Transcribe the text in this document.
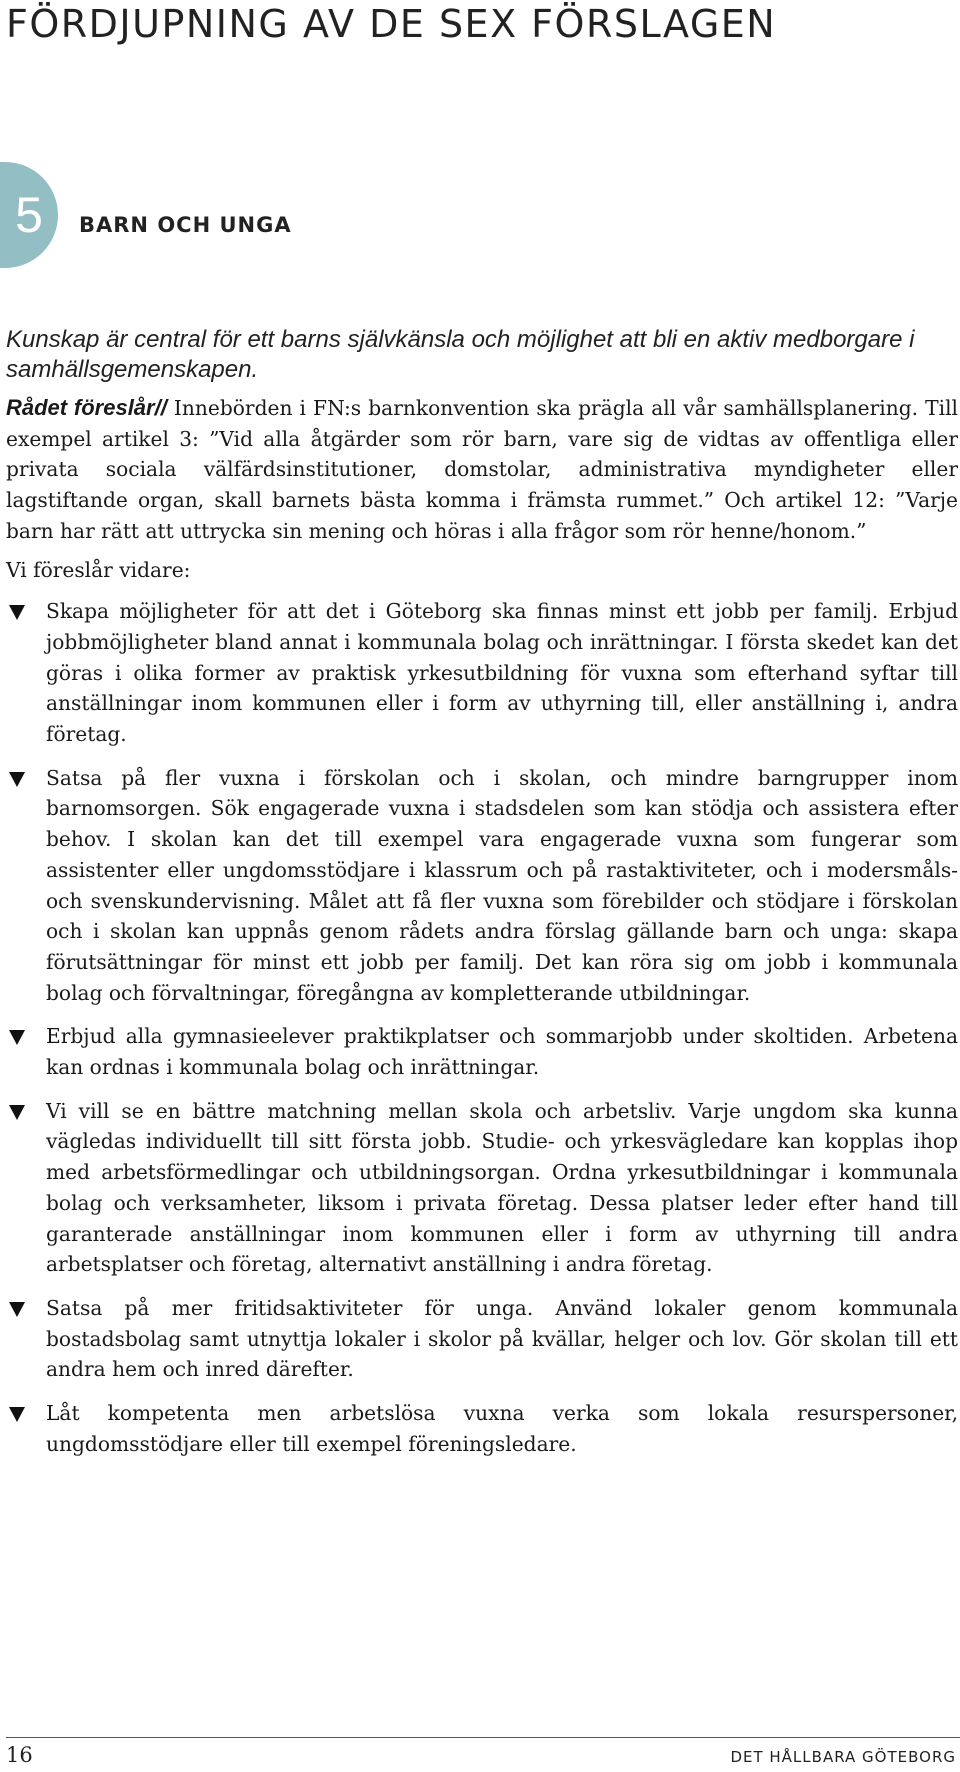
FÖRDJUPNING AV DE SEX FÖRSLAGEN
5 BARN OCH UNGA

Kunskap är central för ett barns självkänsla och möjlighet att bli en aktiv medborgare i samhällsgemenskapen.

Rådet föreslår// Innebörden i FN:s barnkonvention ska prägla all vår samhällsplanering. Till exempel artikel 3: ”Vid alla åtgärder som rör barn, vare sig de vidtas av offentliga eller privata sociala välfärdsinstitutioner, domstolar, administrativa myndigheter eller lagstiftande organ, skall barnets bästa komma i främsta rummet.” Och artikel 12: ”Varje barn har rätt att uttrycka sin mening och höras i alla frågor som rör henne/honom.”

Vi föreslår vidare:

Skapa möjligheter för att det i Göteborg ska finnas minst ett jobb per familj. Erbjud jobbmöjligheter bland annat i kommunala bolag och inrättningar. I första skedet kan det göras i olika former av praktisk yrkesutbildning för vuxna som efterhand syftar till anställningar inom kommunen eller i form av uthyrning till, eller anställning i, andra företag.
Satsa på fler vuxna i förskolan och i skolan, och mindre barngrupper inom barnomsorgen. Sök engagerade vuxna i stadsdelen som kan stödja och assistera efter behov. I skolan kan det till exempel vara engagerade vuxna som fungerar som assistenter eller ungdomsstödjare i klassrum och på rastaktiviteter, och i modersmåls- och svenskundervisning. Målet att få fler vuxna som förebilder och stödjare i förskolan och i skolan kan uppnås genom rådets andra förslag gällande barn och unga: skapa förutsättningar för minst ett jobb per familj. Det kan röra sig om jobb i kommunala bolag och förvaltningar, föregångna av kompletterande utbildningar.
Erbjud alla gymnasieelever praktikplatser och sommarjobb under skoltiden. Arbetena kan ordnas i kommunala bolag och inrättningar.
Vi vill se en bättre matchning mellan skola och arbetsliv. Varje ungdom ska kunna vägledas individuellt till sitt första jobb. Studie- och yrkesvägledare kan kopplas ihop med arbetsförmedlingar och utbildningsorgan. Ordna yrkesutbildningar i kommunala bolag och verksamheter, liksom i privata företag. Dessa platser leder efter hand till garanterade anställningar inom kommunen eller i form av uthyrning till andra arbetsplatser och företag, alternativt anställning i andra företag.
Satsa på mer fritidsaktiviteter för unga. Använd lokaler genom kommunala bostadsbolag samt utnyttja lokaler i skolor på kvällar, helger och lov. Gör skolan till ett andra hem och inred därefter.
Låt kompetenta men arbetslösa vuxna verka som lokala resurspersoner, ungdomsstödjare eller till exempel föreningsledare.
16	DET HÅLLBARA GÖTEBORG
